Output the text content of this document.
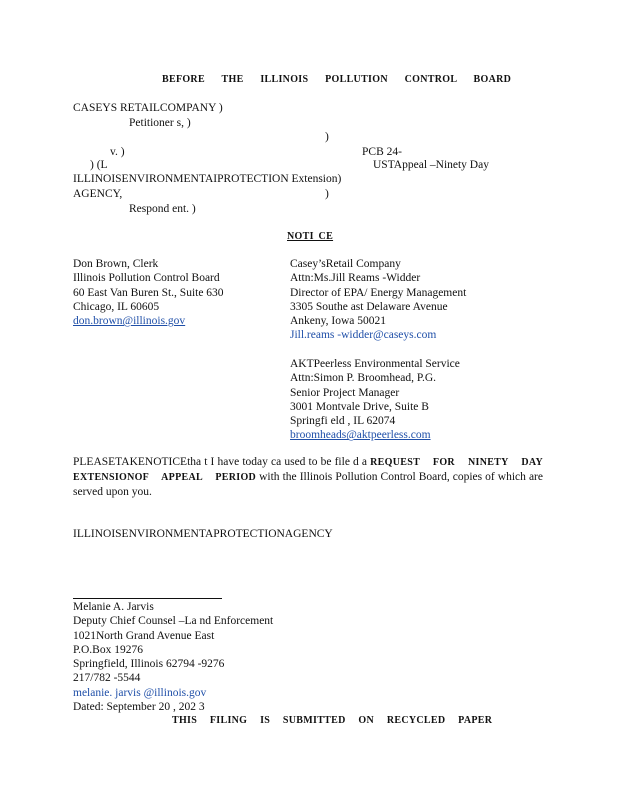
BEFORE THE ILLINOIS POLLUTION CONTROL BOARD
CASEYS RETAILCOMPANY )
Petitioner s, )
)
v. )	PCB 24-
) (L	USTAppeal –Ninety Day
ILLINOISENVIRONMENTAIPROTECTION Extension)
AGENCY,	)
Respond ent. )
NOTI CE
Don Brown, Clerk
Illinois Pollution Control Board
60 East Van Buren St., Suite 630
Chicago, IL 60605
don.brown@illinois.gov
Casey’sRetail Company
Attn:Ms.Jill Reams -Widder
Director of EPA/ Energy Management
3305 Southe ast Delaware Avenue
Ankeny, Iowa 50021
Jill.reams -widder@caseys.com
AKTPeerless Environmental Service
Attn:Simon P. Broomhead, P.G.
Senior Project Manager
3001 Montvale Drive, Suite B
Springfi eld , IL 62074
broomheads@aktpeerless.com
PLEASETAKENOTICEtha t I have today ca used to be file d a REQUEST FOR NINETY DAY EXTENSIONOF APPEAL PERIOD with the Illinois Pollution Control Board, copies of which are served upon you.
ILLINOISENVIRONMENTAPROTECTIONAGENCY
Melanie A. Jarvis
Deputy Chief Counsel –La nd Enforcement
1021North Grand Avenue East
P.O.Box 19276
Springfield, Illinois 62794 -9276
217/782 -5544
melanie. jarvis @illinois.gov
Dated: September 20 , 202 3
THIS FILING IS SUBMITTED ON RECYCLED PAPER
